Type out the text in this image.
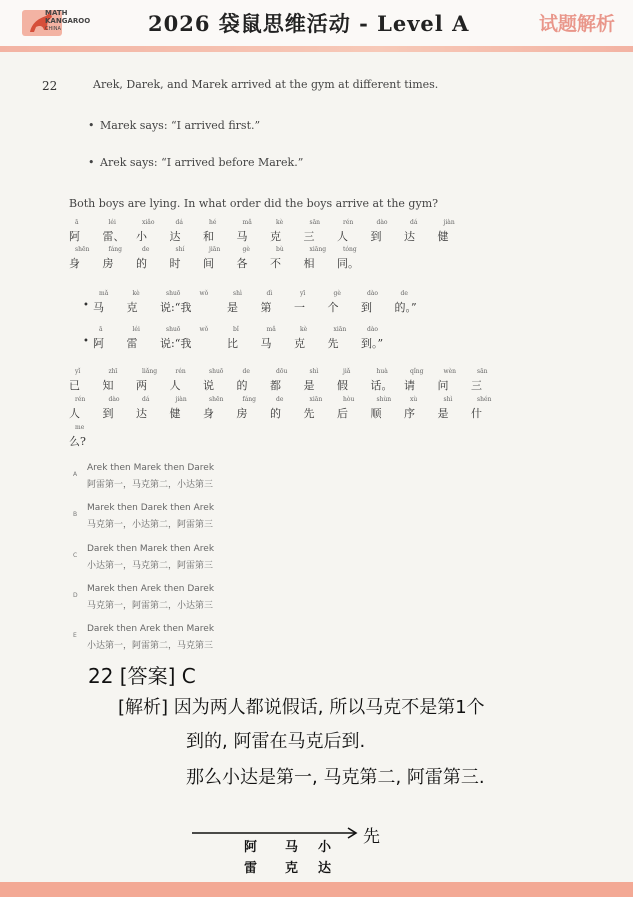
MATH
KANGAROO
CHINA	2026 袋鼠思维活动 - Level A	试题解析
22	Arek, Darek, and Marek arrived at the gym at different times.
• Marek says: “I arrived first.”
• Arek says: “I arrived before Marek.”
Both boys are lying. In what order did the boys arrive at the gym?
ā
阿
léi
雷、
xiǎo
小
dá
达
hé
和
mǎ
马
kè
克
sān
三
rén
人
dào
到
dá
达
jiàn
健
shēn
身
fáng
房
de
的
shí
时
jiān
间
gè
各
bù
不
xiāng
相
tóng
同。
•
mǎ
马
kè
克
shuō
说:“我
wǒ	shì
是
dì
第
yī
一
gè
个
dào
到
de
的。”
•
ā
阿
léi
雷
shuō
说:“我
wǒ	bǐ
比
mǎ
马
kè
克
xiān
先
dào
到。”
yǐ
已
zhī
知
liǎng
两
rén
人
shuō
说
de
的
dōu
都
shì
是
jiǎ
假
huà
话。
qǐng
请
wèn
问
sān
三
rén
人
dào
到
dá
达
jiàn
健
shēn
身
fáng
房
de
的
xiān
先
hòu
后
shùn
顺
xù
序
shì
是
shén
什
me
么?
A
Arek then Marek then Darek
阿雷第一，马克第二，小达第三
B
Marek then Darek then Arek
马克第一，小达第二，阿雷第三
C
Darek then Marek then Arek
小达第一，马克第二，阿雷第三
D
Marek then Arek then Darek
马克第一，阿雷第二，小达第三
E
Darek then Arek then Marek
小达第一，阿雷第二，马克第三
22 [答案] C
[解析] 因为两人都说假话, 所以马克不是第1个
到的, 阿雷在马克后到.
那么小达是第一, 马克第二, 阿雷第三.
先
阿
雷
马
克
小
达
